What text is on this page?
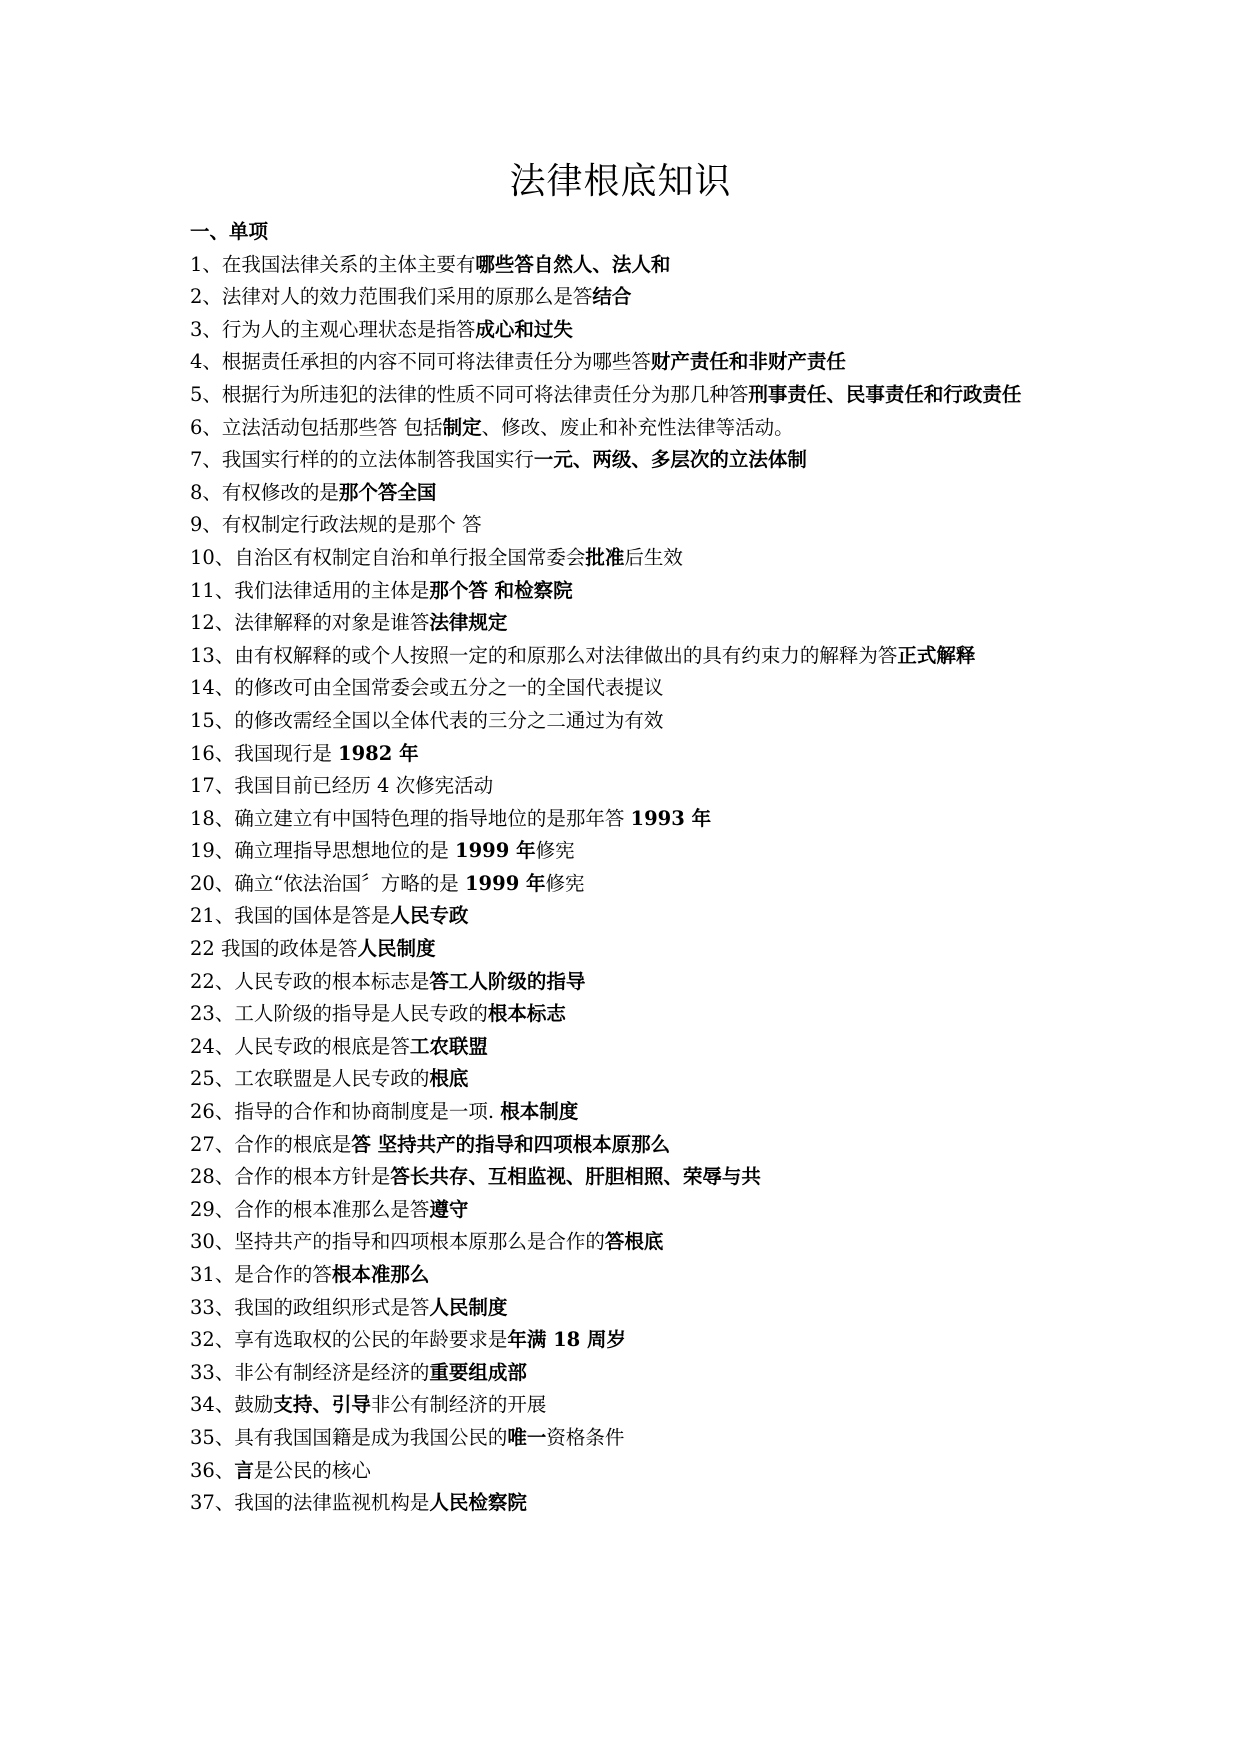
法律根底知识
一、单项
1、在我国法律关系的主体主要有哪些答自然人、法人和
2、法律对人的效力范围我们采用的原那么是答结合
3、行为人的主观心理状态是指答成心和过失
4、根据责任承担的内容不同可将法律责任分为哪些答财产责任和非财产责任
5、根据行为所违犯的法律的性质不同可将法律责任分为那几种答刑事责任、民事责任和行政责任
6、立法活动包括那些答 包括制定、修改、废止和补充性法律等活动。
7、我国实行样的的立法体制答我国实行一元、两级、多层次的立法体制
8、有权修改的是那个答全国
9、有权制定行政法规的是那个 答
10、自治区有权制定自治和单行报全国常委会批准后生效
11、我们法律适用的主体是那个答 和检察院
12、法律解释的对象是谁答法律规定
13、由有权解释的或个人按照一定的和原那么对法律做出的具有约束力的解释为答正式解释
14、的修改可由全国常委会或五分之一的全国代表提议
15、的修改需经全国以全体代表的三分之二通过为有效
16、我国现行是 1982 年
17、我国目前已经历 4 次修宪活动
18、确立建立有中国特色理的指导地位的是那年答 1993 年
19、确立理指导思想地位的是 1999 年修宪
20、确立“依法治国〞方略的是 1999 年修宪
21、我国的国体是答是人民专政
22 我国的政体是答人民制度
22、人民专政的根本标志是答工人阶级的指导
23、工人阶级的指导是人民专政的根本标志
24、人民专政的根底是答工农联盟
25、工农联盟是人民专政的根底
26、指导的合作和协商制度是一项. 根本制度
27、合作的根底是答 坚持共产的指导和四项根本原那么
28、合作的根本方针是答长共存、互相监视、肝胆相照、荣辱与共
29、合作的根本准那么是答遵守
30、坚持共产的指导和四项根本原那么是合作的答根底
31、是合作的答根本准那么
33、我国的政组织形式是答人民制度
32、享有选取权的公民的年龄要求是年满 18 周岁
33、非公有制经济是经济的重要组成部
34、鼓励支持、引导非公有制经济的开展
35、具有我国国籍是成为我国公民的唯一资格条件
36、言是公民的核心
37、我国的法律监视机构是人民检察院
